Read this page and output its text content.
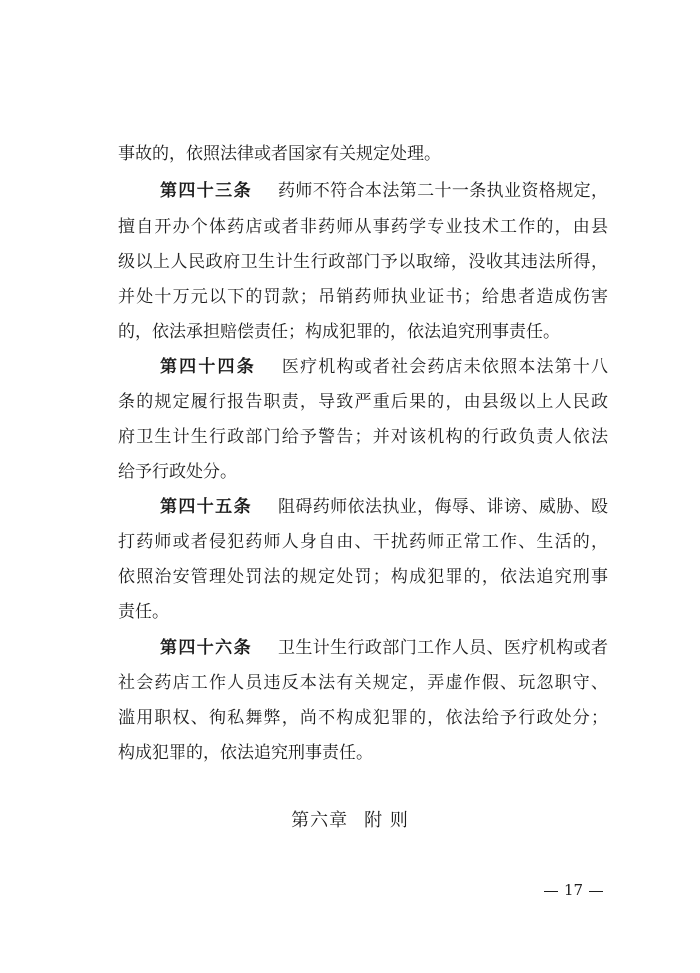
事故的，依照法律或者国家有关规定处理。
第四十三条 药师不符合本法第二十一条执业资格规定，
擅自开办个体药店或者非药师从事药学专业技术工作的，由县
级以上人民政府卫生计生行政部门予以取缔，没收其违法所得，
并处十万元以下的罚款；吊销药师执业证书；给患者造成伤害
的，依法承担赔偿责任；构成犯罪的，依法追究刑事责任。
第四十四条 医疗机构或者社会药店未依照本法第十八
条的规定履行报告职责，导致严重后果的，由县级以上人民政
府卫生计生行政部门给予警告；并对该机构的行政负责人依法
给予行政处分。
第四十五条 阻碍药师依法执业，侮辱、诽谤、威胁、殴
打药师或者侵犯药师人身自由、干扰药师正常工作、生活的，
依照治安管理处罚法的规定处罚；构成犯罪的，依法追究刑事
责任。
第四十六条 卫生计生行政部门工作人员、医疗机构或者
社会药店工作人员违反本法有关规定，弄虚作假、玩忽职守、
滥用职权、徇私舞弊，尚不构成犯罪的，依法给予行政处分；
构成犯罪的，依法追究刑事责任。
第六章 附 则
17
